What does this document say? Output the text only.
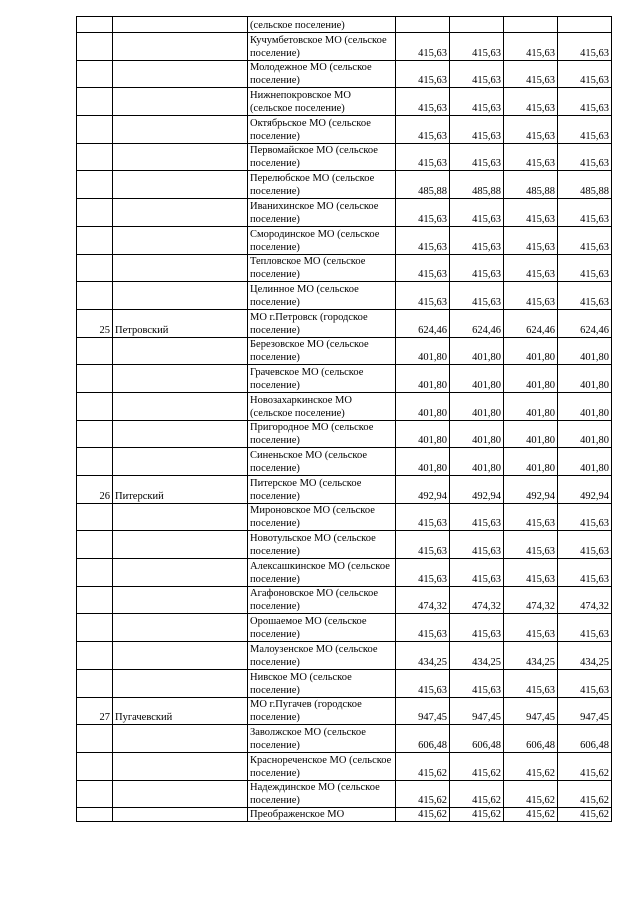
		(сельское поселение)				
		Кучумбетовское МО (сельское поселение)	415,63	415,63	415,63	415,63
		Молодежное МО (сельское поселение)	415,63	415,63	415,63	415,63
		Нижнепокровское МО (сельское поселение)	415,63	415,63	415,63	415,63
		Октябрьское МО (сельское поселение)	415,63	415,63	415,63	415,63
		Первомайское МО (сельское поселение)	415,63	415,63	415,63	415,63
		Перелюбское МО (сельское поселение)	485,88	485,88	485,88	485,88
		Иванихинское МО (сельское поселение)	415,63	415,63	415,63	415,63
		Смородинское МО (сельское поселение)	415,63	415,63	415,63	415,63
		Тепловское МО (сельское поселение)	415,63	415,63	415,63	415,63
		Целинное МО (сельское поселение)	415,63	415,63	415,63	415,63
25	Петровский	МО г.Петровск (городское поселение)	624,46	624,46	624,46	624,46
		Березовское МО (сельское поселение)	401,80	401,80	401,80	401,80
		Грачевское МО (сельское поселение)	401,80	401,80	401,80	401,80
		Новозахаркинское МО (сельское поселение)	401,80	401,80	401,80	401,80
		Пригородное МО (сельское поселение)	401,80	401,80	401,80	401,80
		Синеньское МО (сельское поселение)	401,80	401,80	401,80	401,80
26	Питерский	Питерское МО (сельское поселение)	492,94	492,94	492,94	492,94
		Мироновское МО (сельское поселение)	415,63	415,63	415,63	415,63
		Новотульское МО (сельское поселение)	415,63	415,63	415,63	415,63
		Алексашкинское МО (сельское поселение)	415,63	415,63	415,63	415,63
		Агафоновское МО (сельское поселение)	474,32	474,32	474,32	474,32
		Орошаемое МО (сельское поселение)	415,63	415,63	415,63	415,63
		Малоузенское МО (сельское поселение)	434,25	434,25	434,25	434,25
		Нивское МО (сельское поселение)	415,63	415,63	415,63	415,63
27	Пугачевский	МО г.Пугачев (городское поселение)	947,45	947,45	947,45	947,45
		Заволжское МО (сельское поселение)	606,48	606,48	606,48	606,48
		Краснореченское МО (сельское поселение)	415,62	415,62	415,62	415,62
		Надеждинское МО (сельское поселение)	415,62	415,62	415,62	415,62
		Преображенское МО	415,62	415,62	415,62	415,62
